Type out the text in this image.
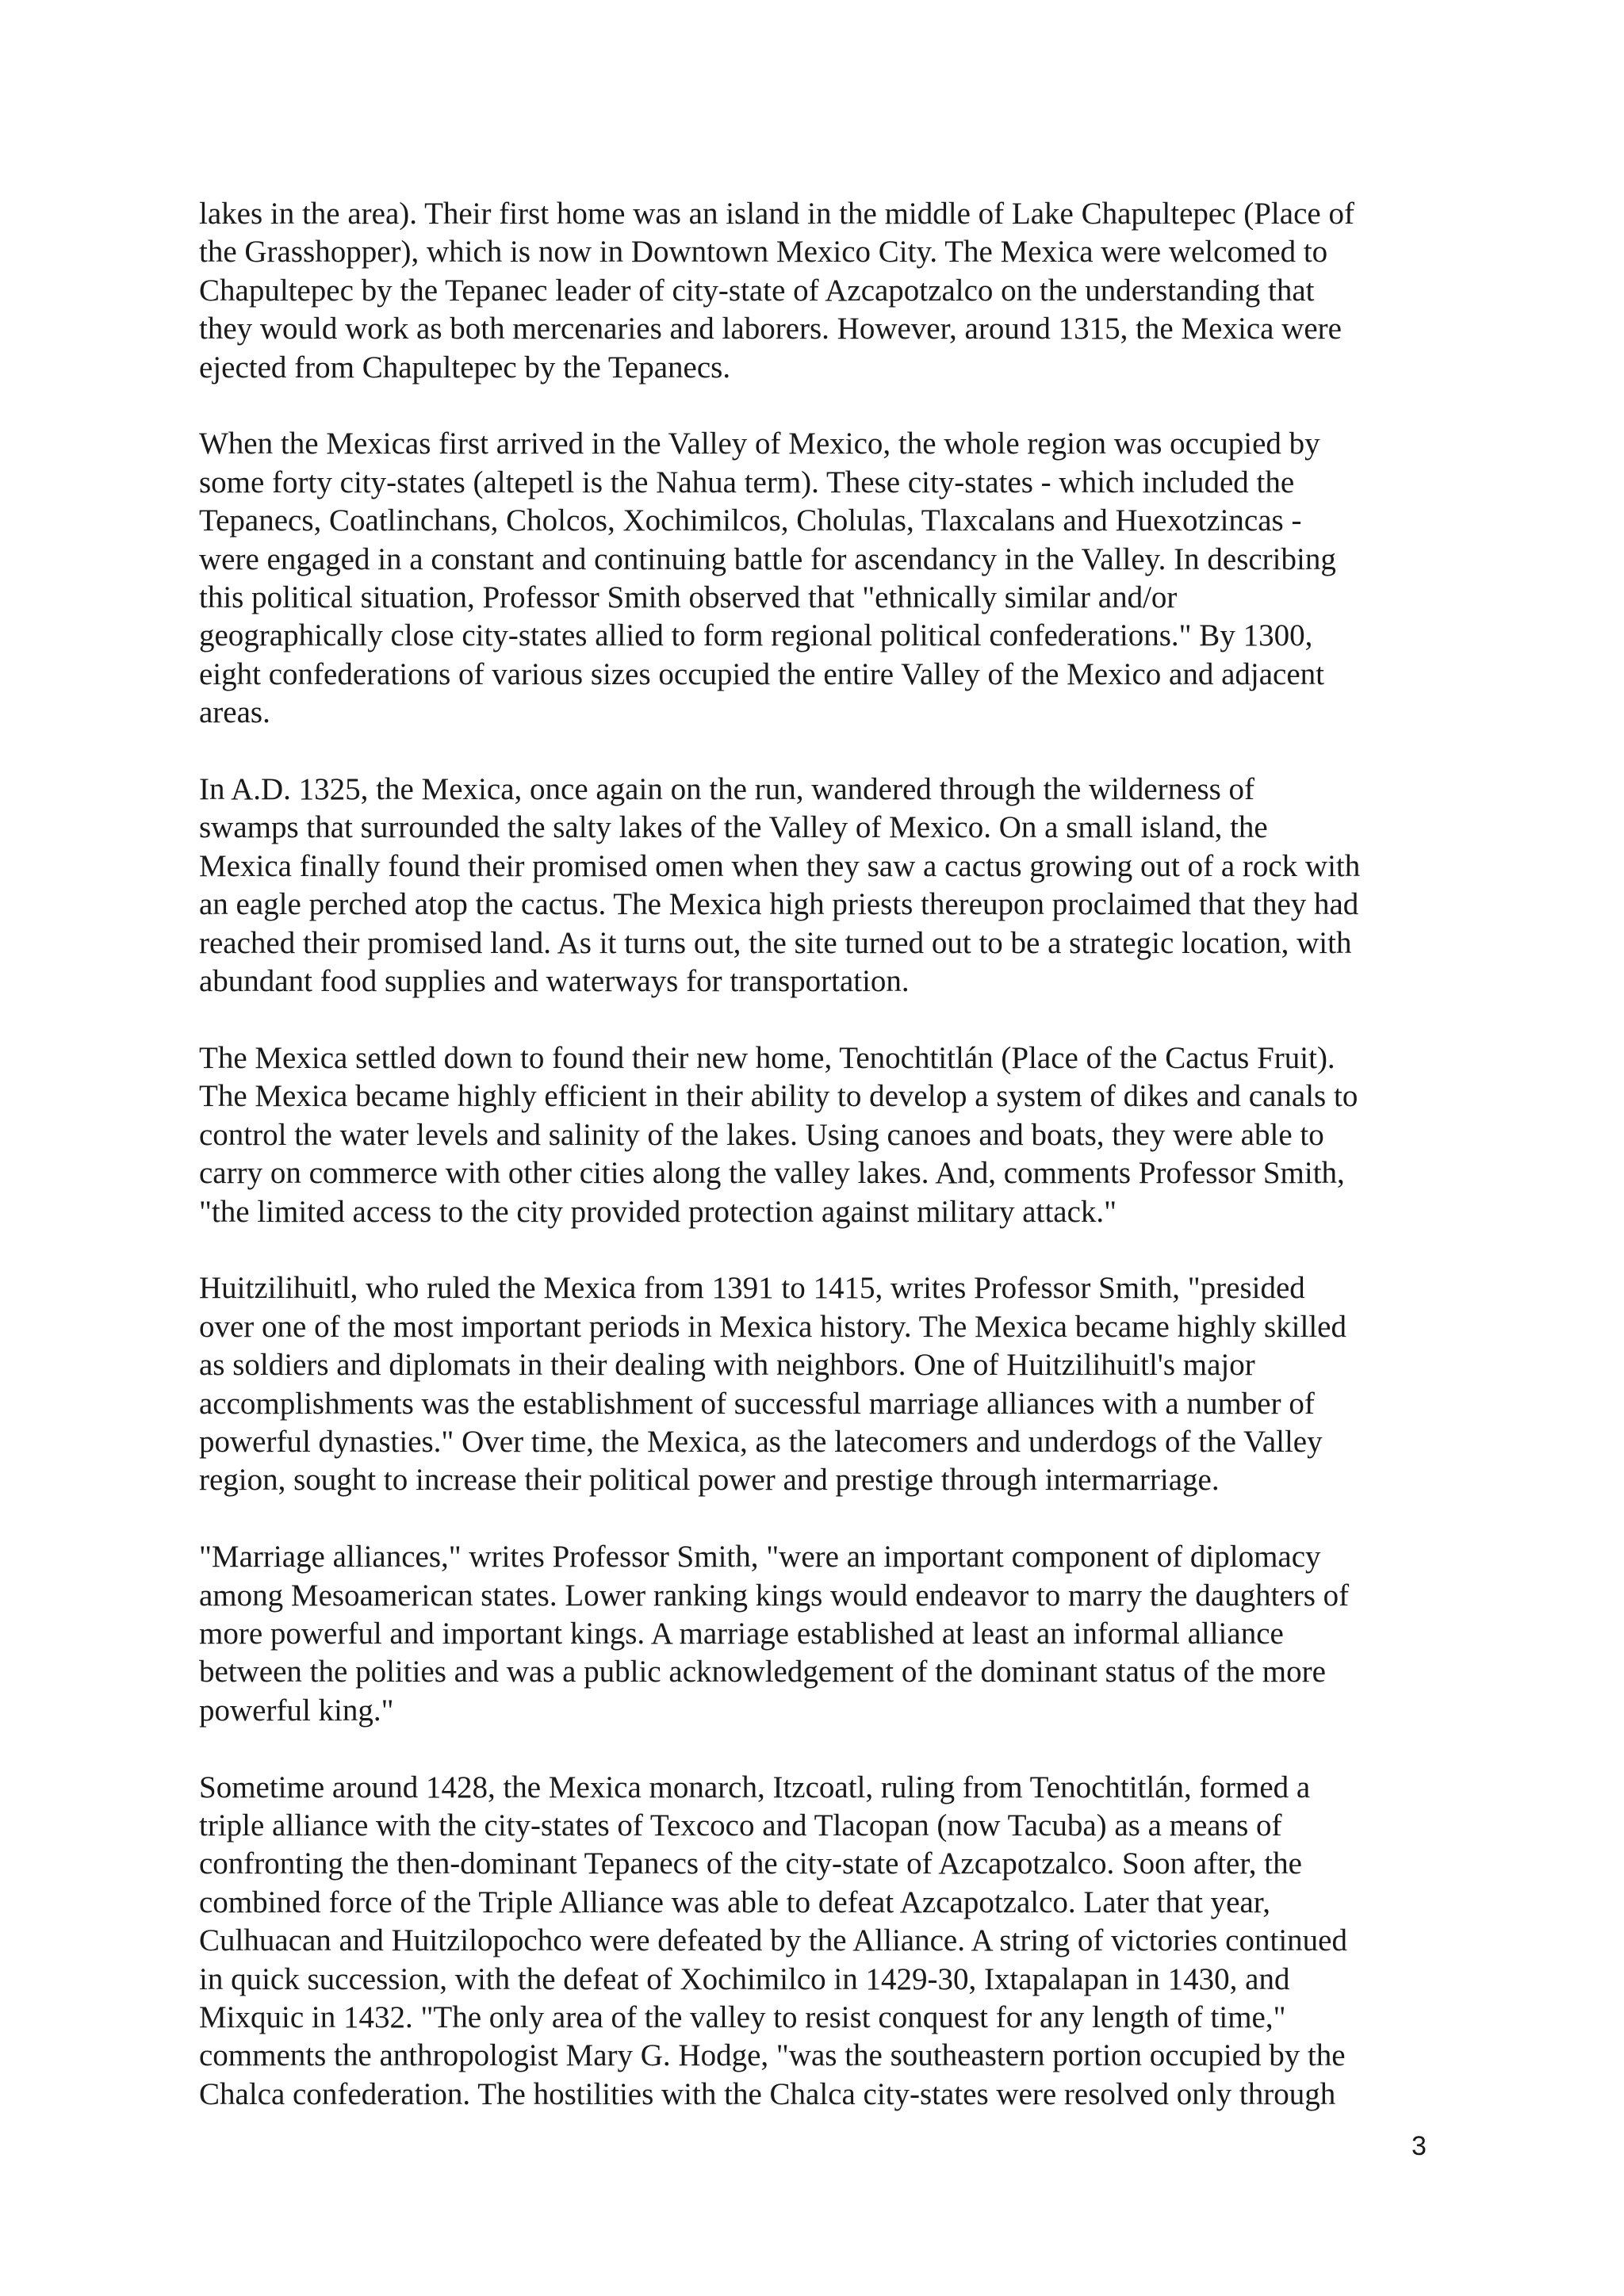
lakes in the area). Their first home was an island in the middle of Lake Chapultepec (Place of
the Grasshopper), which is now in Downtown Mexico City. The Mexica were welcomed to
Chapultepec by the Tepanec leader of city-state of Azcapotzalco on the understanding that
they would work as both mercenaries and laborers. However, around 1315, the Mexica were
ejected from Chapultepec by the Tepanecs.

When the Mexicas first arrived in the Valley of Mexico, the whole region was occupied by
some forty city-states (altepetl is the Nahua term). These city-states - which included the
Tepanecs, Coatlinchans, Cholcos, Xochimilcos, Cholulas, Tlaxcalans and Huexotzincas -
were engaged in a constant and continuing battle for ascendancy in the Valley. In describing
this political situation, Professor Smith observed that "ethnically similar and/or
geographically close city-states allied to form regional political confederations." By 1300,
eight confederations of various sizes occupied the entire Valley of the Mexico and adjacent
areas.

In A.D. 1325, the Mexica, once again on the run, wandered through the wilderness of
swamps that surrounded the salty lakes of the Valley of Mexico. On a small island, the
Mexica finally found their promised omen when they saw a cactus growing out of a rock with
an eagle perched atop the cactus. The Mexica high priests thereupon proclaimed that they had
reached their promised land. As it turns out, the site turned out to be a strategic location, with
abundant food supplies and waterways for transportation.

The Mexica settled down to found their new home, Tenochtitlán (Place of the Cactus Fruit).
The Mexica became highly efficient in their ability to develop a system of dikes and canals to
control the water levels and salinity of the lakes. Using canoes and boats, they were able to
carry on commerce with other cities along the valley lakes. And, comments Professor Smith,
"the limited access to the city provided protection against military attack."

Huitzilihuitl, who ruled the Mexica from 1391 to 1415, writes Professor Smith, "presided
over one of the most important periods in Mexica history. The Mexica became highly skilled
as soldiers and diplomats in their dealing with neighbors. One of Huitzilihuitl's major
accomplishments was the establishment of successful marriage alliances with a number of
powerful dynasties." Over time, the Mexica, as the latecomers and underdogs of the Valley
region, sought to increase their political power and prestige through intermarriage.

"Marriage alliances," writes Professor Smith, "were an important component of diplomacy
among Mesoamerican states. Lower ranking kings would endeavor to marry the daughters of
more powerful and important kings. A marriage established at least an informal alliance
between the polities and was a public acknowledgement of the dominant status of the more
powerful king."

Sometime around 1428, the Mexica monarch, Itzcoatl, ruling from Tenochtitlán, formed a
triple alliance with the city-states of Texcoco and Tlacopan (now Tacuba) as a means of
confronting the then-dominant Tepanecs of the city-state of Azcapotzalco. Soon after, the
combined force of the Triple Alliance was able to defeat Azcapotzalco. Later that year,
Culhuacan and Huitzilopochco were defeated by the Alliance. A string of victories continued
in quick succession, with the defeat of Xochimilco in 1429-30, Ixtapalapan in 1430, and
Mixquic in 1432. "The only area of the valley to resist conquest for any length of time,"
comments the anthropologist Mary G. Hodge, "was the southeastern portion occupied by the
Chalca confederation. The hostilities with the Chalca city-states were resolved only through

3
